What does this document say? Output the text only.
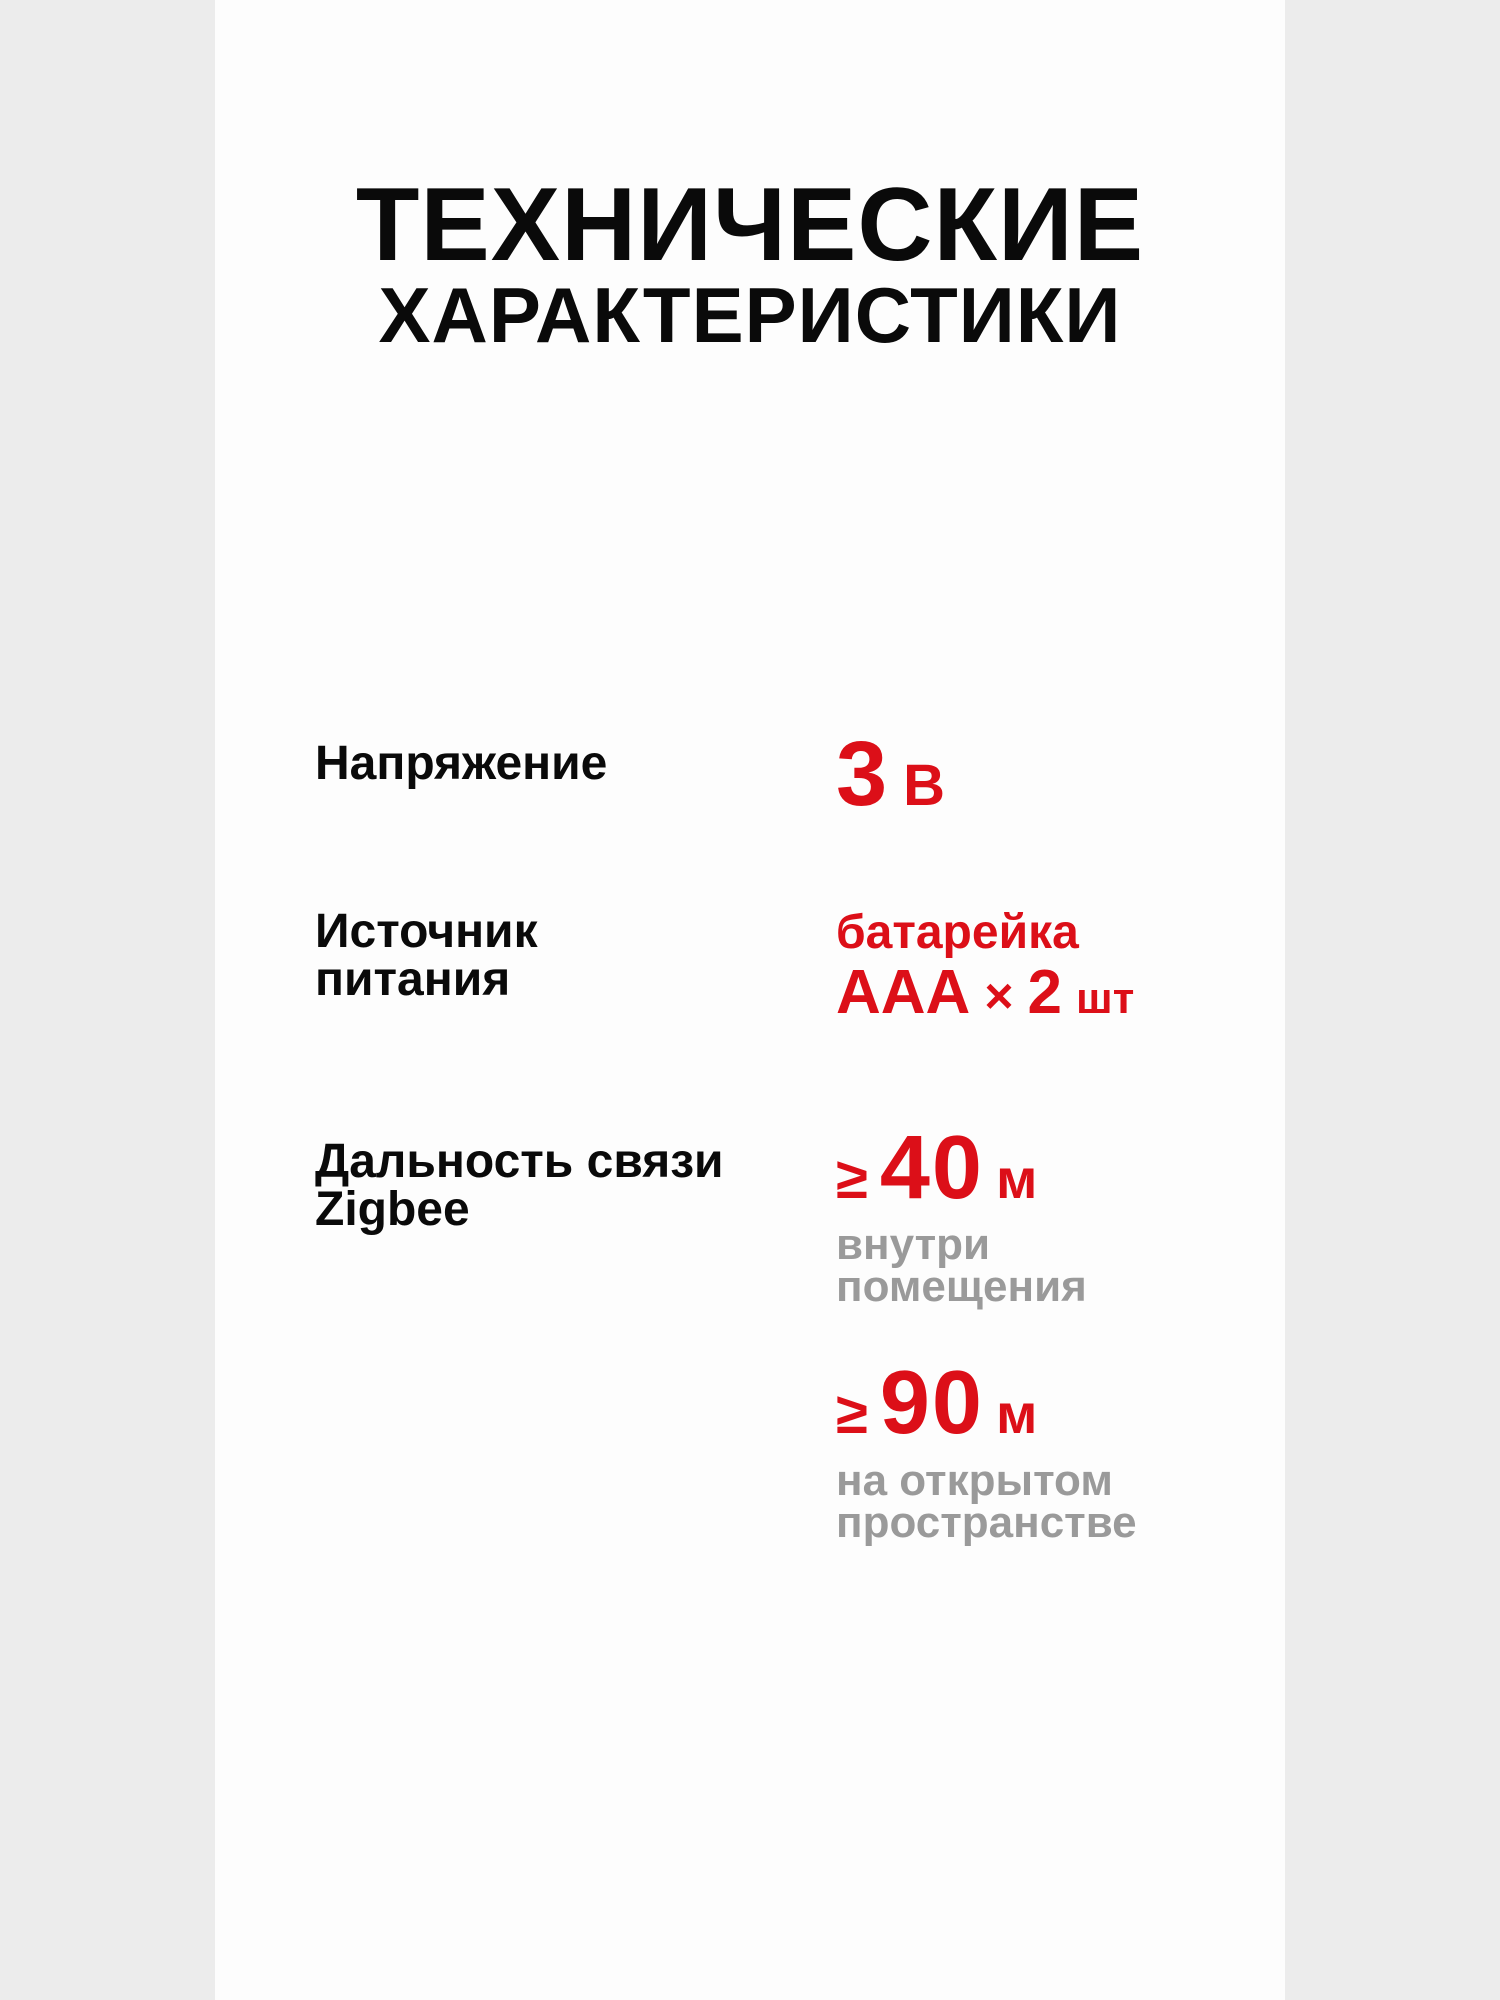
ТЕХНИЧЕСКИЕ
ХАРАКТЕРИСТИКИ

Напряжение 3 В

Источник
питания

батарейка

ААА × 2 шт

Дальность связи
Zigbee	≥ 40 м

внутри
помещения

≥ 90 м

на открытом
пространстве
